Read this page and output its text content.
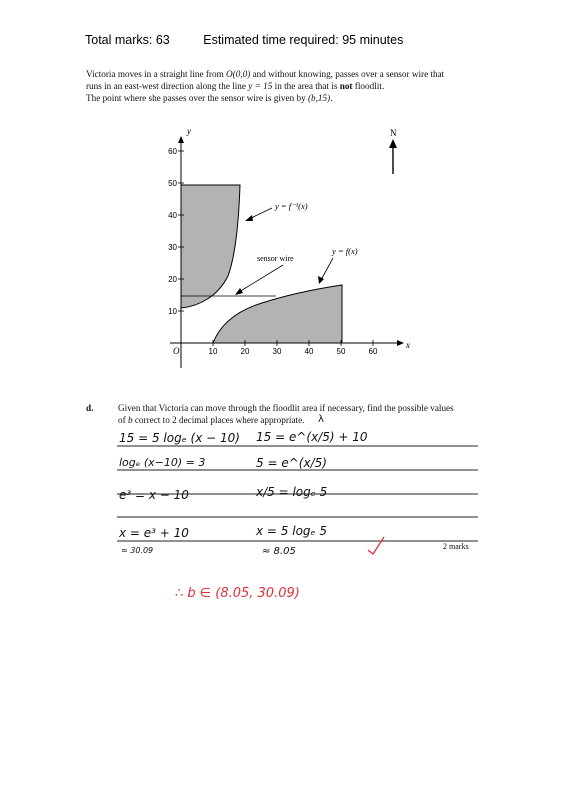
Total marks: 63	Estimated time required: 95 minutes

Victoria moves in a straight line from O(0,0) and without knowing, passes over a sensor wire that

runs in an east-west direction along the line y = 15 in the area that is not floodlit.

The point where she passes over the sensor wire is given by (b,15).

y
x
O
60
50
40
30
20
10
10	20	30	40	50	60
N
y = f⁻¹(x)
y = f(x)
sensor wire
d.	Given that Victoria can move through the floodlit area if necessary, find the possible values
of b correct to 2 decimal places where appropriate.
2 marks
λ
15 = 5 logₑ (x − 10)
logₑ (x−10) = 3
e³ = x − 10
x = e³ + 10
≈ 30.09
15 = e^(x/5) + 10
5 = e^(x/5)
x/5 = logₑ 5
x = 5 logₑ 5
≈ 8.05
∴ b ∈ (8.05, 30.09)
